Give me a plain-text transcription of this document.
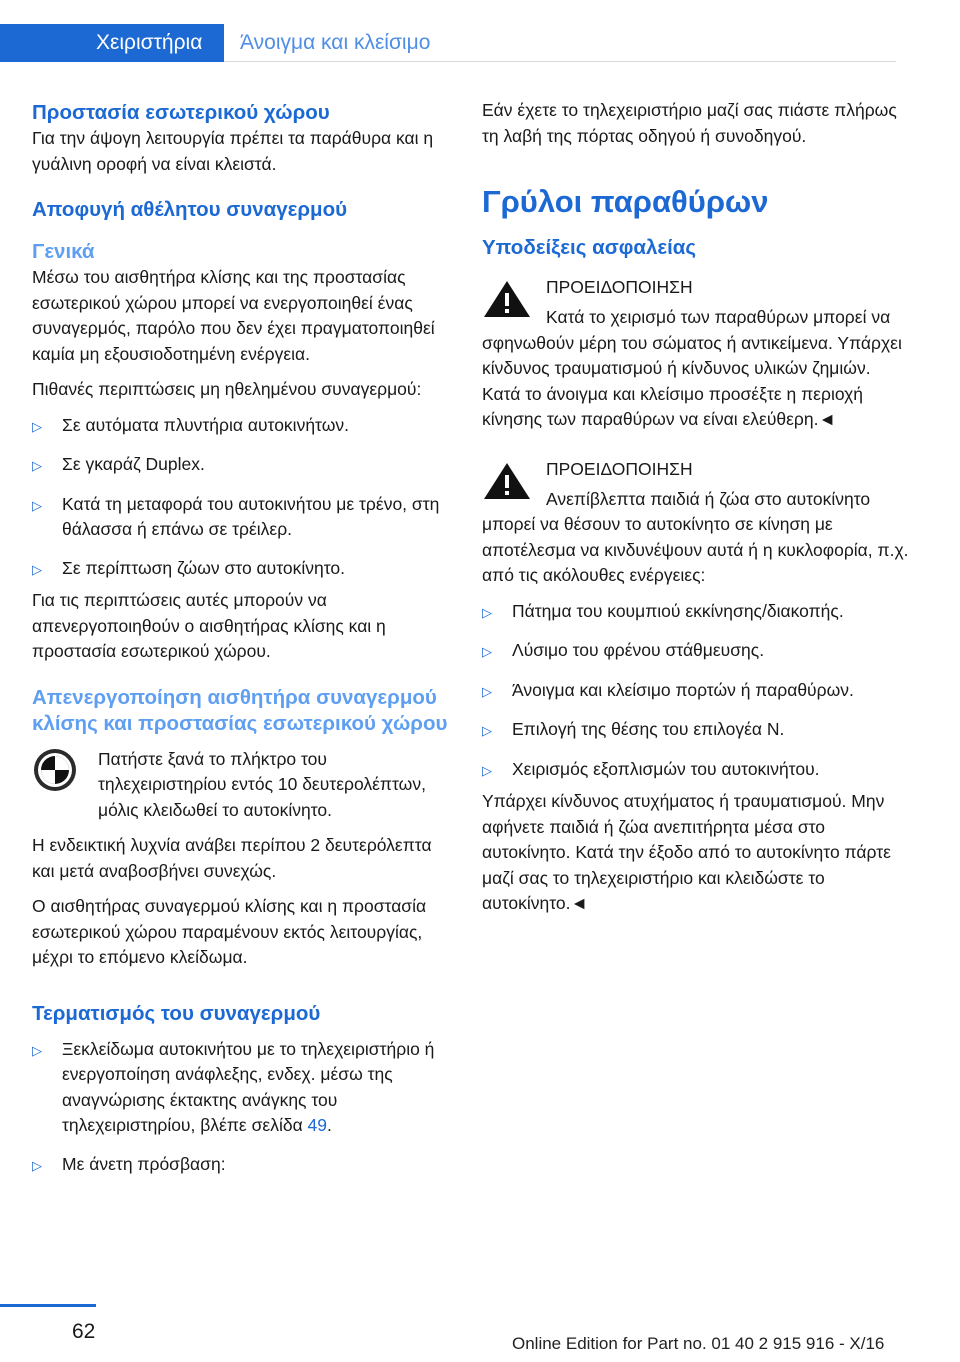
Χειριστήρια	Άνοιγμα και κλείσιμο
Προστασία εσωτερικού χώρου
Για την άψογη λειτουργία πρέπει τα παράθυρα και η γυάλινη οροφή να είναι κλειστά.
Αποφυγή αθέλητου συναγερμού
Γενικά
Μέσω του αισθητήρα κλίσης και της προστασίας εσωτερικού χώρου μπορεί να ενεργοποιηθεί ένας συναγερμός, παρόλο που δεν έχει πραγματοποιηθεί καμία μη εξουσιοδοτημένη ενέργεια.
Πιθανές περιπτώσεις μη ηθελημένου συναγερμού:
▷	Σε αυτόματα πλυντήρια αυτοκινήτων.
▷	Σε γκαράζ Duplex.
▷	Κατά τη μεταφορά του αυτοκινήτου με τρένο, στη θάλασσα ή επάνω σε τρέιλερ.
▷	Σε περίπτωση ζώων στο αυτοκίνητο.
Για τις περιπτώσεις αυτές μπορούν να απενεργοποιηθούν ο αισθητήρας κλίσης και η προστασία εσωτερικού χώρου.
Απενεργοποίηση αισθητήρα συναγερμού κλίσης και προστασίας εσωτερικού χώρου
Πατήστε ξανά το πλήκτρο του τηλεχειριστηρίου εντός 10 δευτερολέπτων, μόλις κλειδωθεί το αυτοκίνητο.
Η ενδεικτική λυχνία ανάβει περίπου 2 δευτερόλεπτα και μετά αναβοσβήνει συνεχώς.
Ο αισθητήρας συναγερμού κλίσης και η προστασία εσωτερικού χώρου παραμένουν εκτός λειτουργίας, μέχρι το επόμενο κλείδωμα.
Τερματισμός του συναγερμού
▷	Ξεκλείδωμα αυτοκινήτου με το τηλεχειριστήριο ή ενεργοποίηση ανάφλεξης, ενδεχ. μέσω της αναγνώρισης έκτακτης ανάγκης του τηλεχειριστηρίου, βλέπε σελίδα 49.
▷	Με άνετη πρόσβαση:
Εάν έχετε το τηλεχειριστήριο μαζί σας πιάστε πλήρως τη λαβή της πόρτας οδηγού ή συνοδηγού.
Γρύλοι παραθύρων
Υποδείξεις ασφαλείας
ΠΡΟΕΙΔΟΠΟΙΗΣΗ
Κατά το χειρισμό των παραθύρων μπορεί να σφηνωθούν μέρη του σώματος ή αντικείμενα. Υπάρχει κίνδυνος τραυματισμού ή κίνδυνος υλικών ζημιών. Κατά το άνοιγμα και κλείσιμο προσέξτε η περιοχή κίνησης των παραθύρων να είναι ελεύθερη.◄
ΠΡΟΕΙΔΟΠΟΙΗΣΗ
Ανεπίβλεπτα παιδιά ή ζώα στο αυτοκίνητο μπορεί να θέσουν το αυτοκίνητο σε κίνηση με αποτέλεσμα να κινδυνέψουν αυτά ή η κυκλοφορία, π.χ. από τις ακόλουθες ενέργειες:
▷	Πάτημα του κουμπιού εκκίνησης/διακοπής.
▷	Λύσιμο του φρένου στάθμευσης.
▷	Άνοιγμα και κλείσιμο πορτών ή παραθύρων.
▷	Επιλογή της θέσης του επιλογέα N.
▷	Χειρισμός εξοπλισμών του αυτοκινήτου.
Υπάρχει κίνδυνος ατυχήματος ή τραυματισμού. Μην αφήνετε παιδιά ή ζώα ανεπιτήρητα μέσα στο αυτοκίνητο. Κατά την έξοδο από το αυτοκίνητο πάρτε μαζί σας το τηλεχειριστήριο και κλειδώστε το αυτοκίνητο.◄
62
Online Edition for Part no. 01 40 2 915 916 - X/16
